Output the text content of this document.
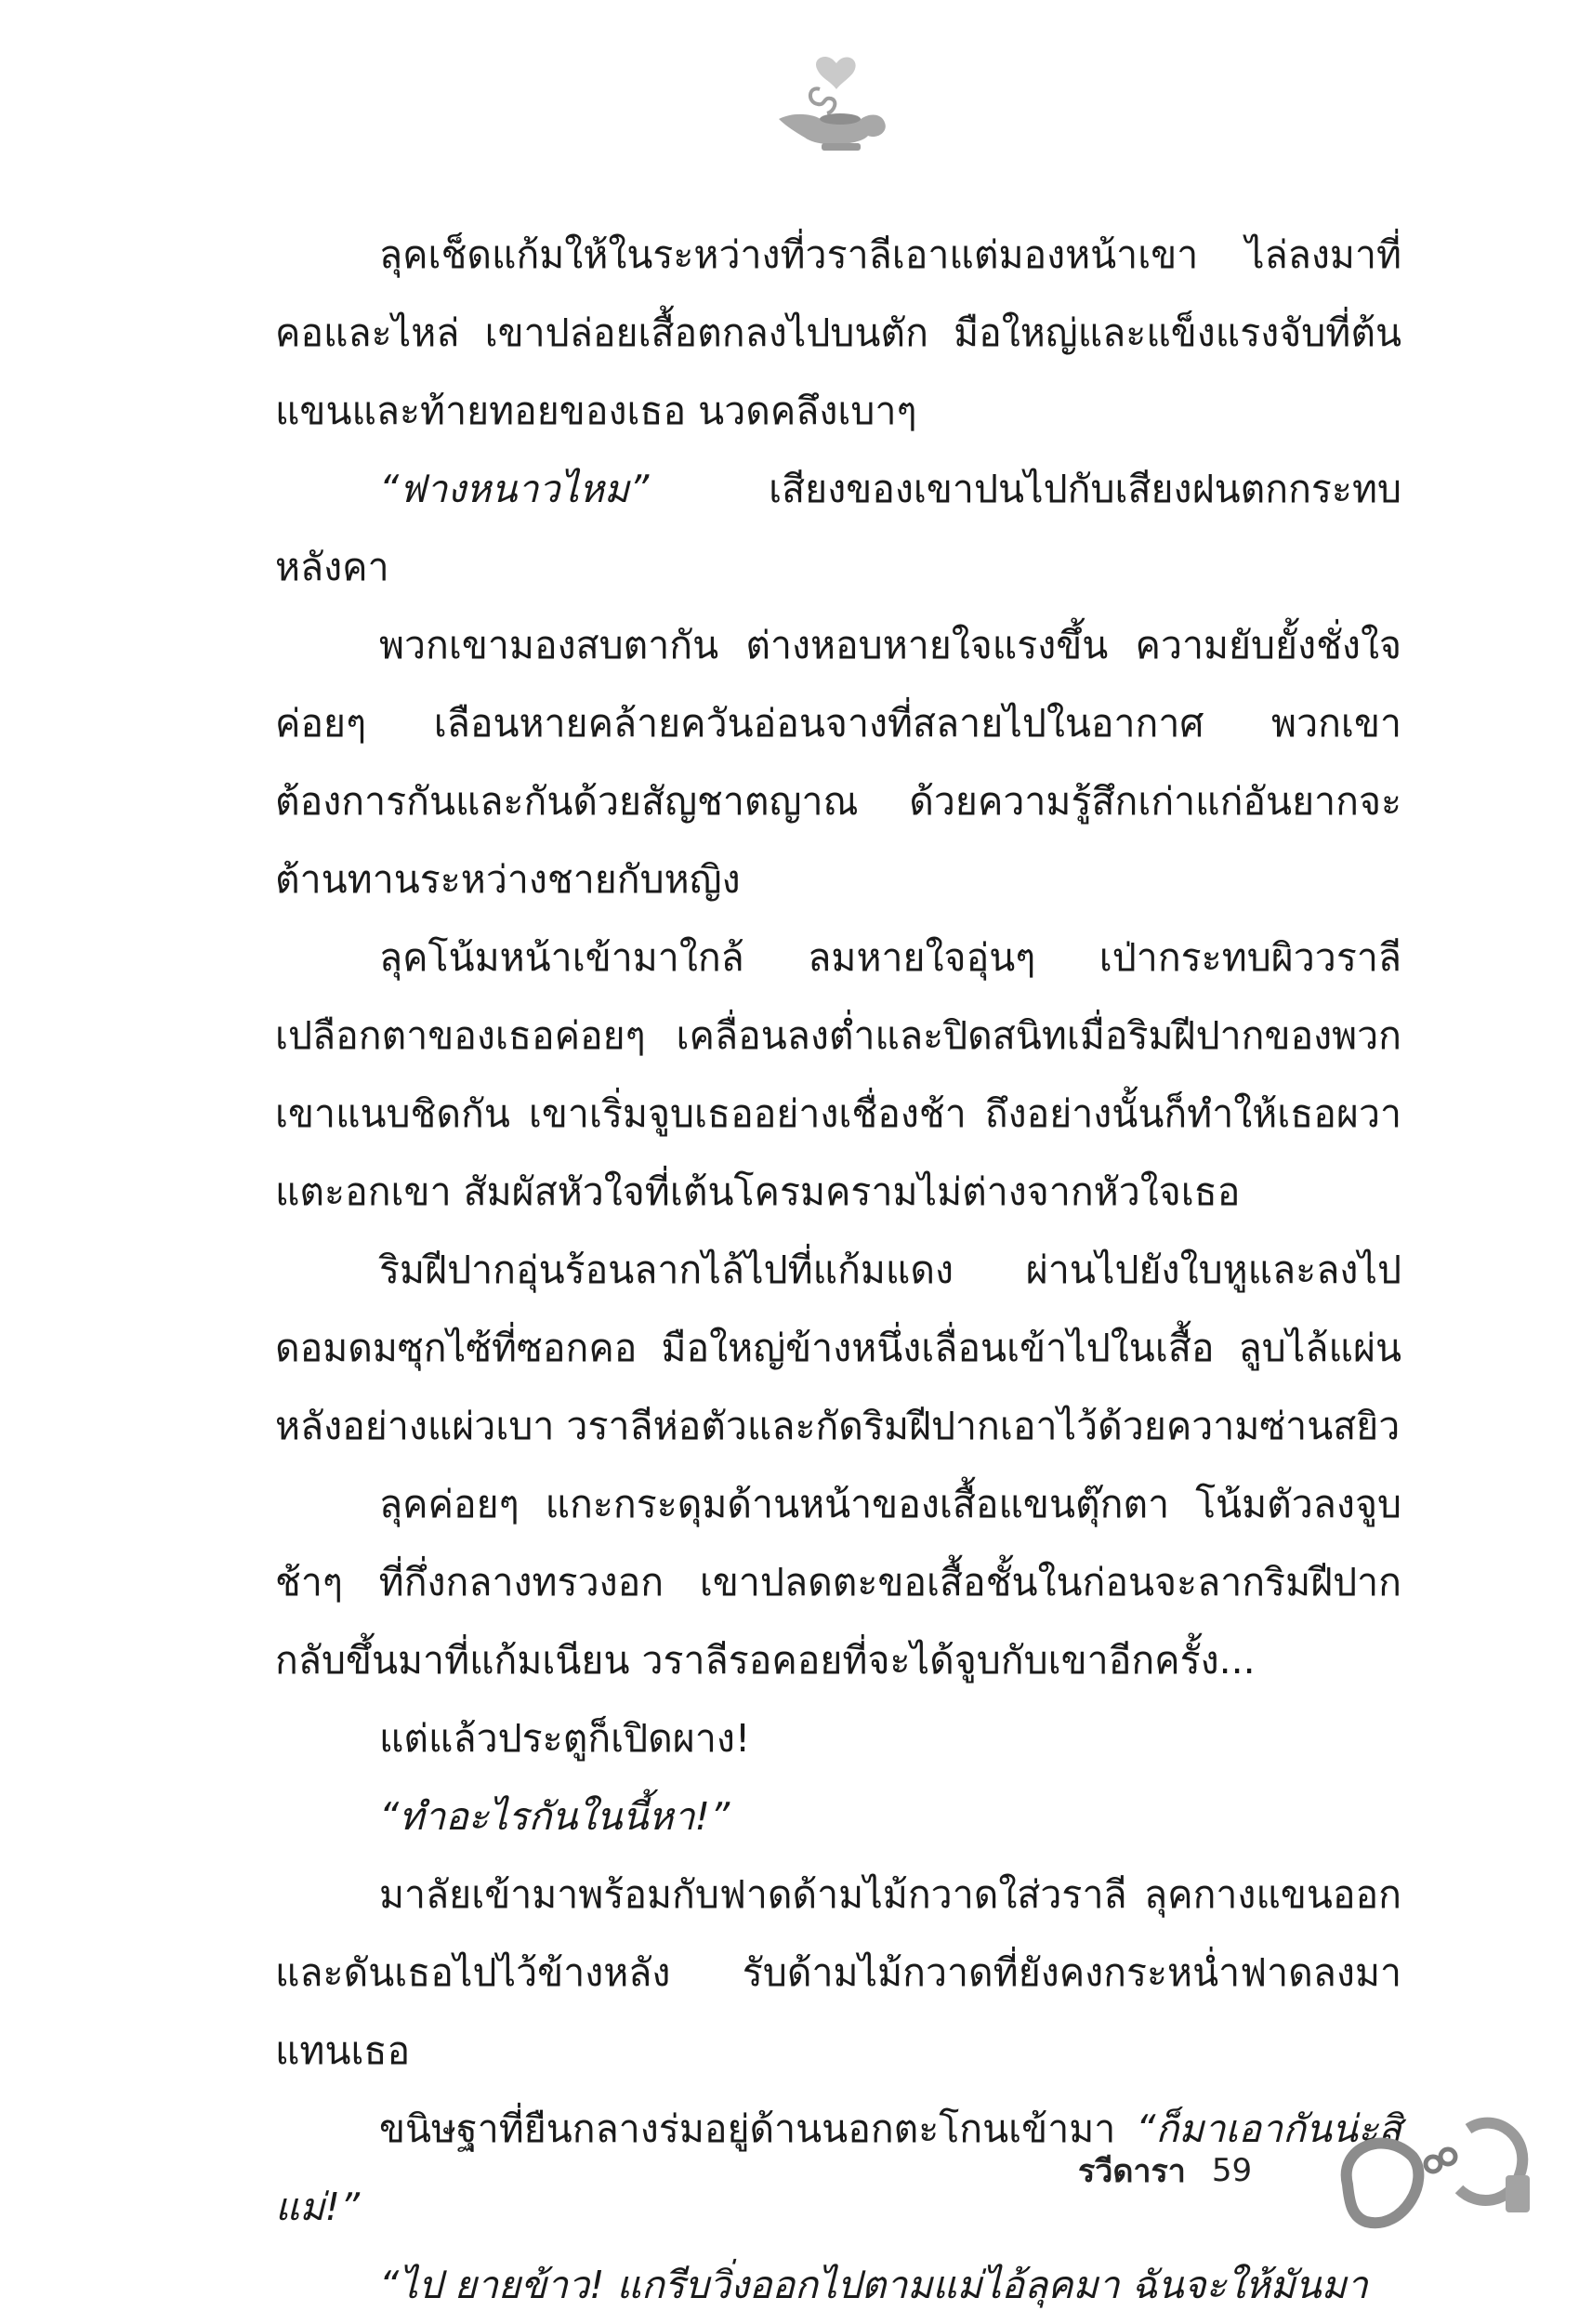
ลุคเช็ดแก้มให้ในระหว่างที่วราลีเอาแต่มองหน้าเขา ไล่ลงมาที่คอและไหล่ เขาปล่อยเสื้อตกลงไปบนตัก มือใหญ่และแข็งแรงจับที่ต้นแขนและท้ายทอยของเธอ นวดคลึงเบาๆ

“ฟางหนาวไหม” เสียงของเขาปนไปกับเสียงฝนตกกระทบหลังคา

พวกเขามองสบตากัน ต่างหอบหายใจแรงขึ้น ความยับยั้งชั่งใจค่อยๆ เลือนหายคล้ายควันอ่อนจางที่สลายไปในอากาศ พวกเขาต้องการกันและกันด้วยสัญชาตญาณ ด้วยความรู้สึกเก่าแก่อันยากจะต้านทานระหว่างชายกับหญิง

ลุคโน้มหน้าเข้ามาใกล้ ลมหายใจอุ่นๆ เป่ากระทบผิววราลี เปลือกตาของเธอค่อยๆ เคลื่อนลงต่ำและปิดสนิทเมื่อริมฝีปากของพวกเขาแนบชิดกัน เขาเริ่มจูบเธออย่างเชื่องช้า ถึงอย่างนั้นก็ทำให้เธอผวาแตะอกเขา สัมผัสหัวใจที่เต้นโครมครามไม่ต่างจากหัวใจเธอ

ริมฝีปากอุ่นร้อนลากไล้ไปที่แก้มแดง ผ่านไปยังใบหูและลงไปดอมดมซุกไซ้ที่ซอกคอ มือใหญ่ข้างหนึ่งเลื่อนเข้าไปในเสื้อ ลูบไล้แผ่นหลังอย่างแผ่วเบา วราลีห่อตัวและกัดริมฝีปากเอาไว้ด้วยความซ่านสยิว

ลุคค่อยๆ แกะกระดุมด้านหน้าของเสื้อแขนตุ๊กตา โน้มตัวลงจูบช้าๆ ที่กึ่งกลางทรวงอก เขาปลดตะขอเสื้อชั้นในก่อนจะลากริมฝีปากกลับขึ้นมาที่แก้มเนียน วราลีรอคอยที่จะได้จูบกับเขาอีกครั้ง...

แต่แล้วประตูก็เปิดผาง!

“ทำอะไรกันในนี้หา!”

มาลัยเข้ามาพร้อมกับฟาดด้ามไม้กวาดใส่วราลี ลุคกางแขนออกและดันเธอไปไว้ข้างหลัง รับด้ามไม้กวาดที่ยังคงกระหน่ำฟาดลงมาแทนเธอ

ขนิษฐาที่ยืนกลางร่มอยู่ด้านนอกตะโกนเข้ามา “ก็มาเอากันน่ะสิแม่!”

“ไป ยายข้าว! แกรีบวิ่งออกไปตามแม่ไอ้ลุคมา ฉันจะให้มันมา

รวีดารา 59
